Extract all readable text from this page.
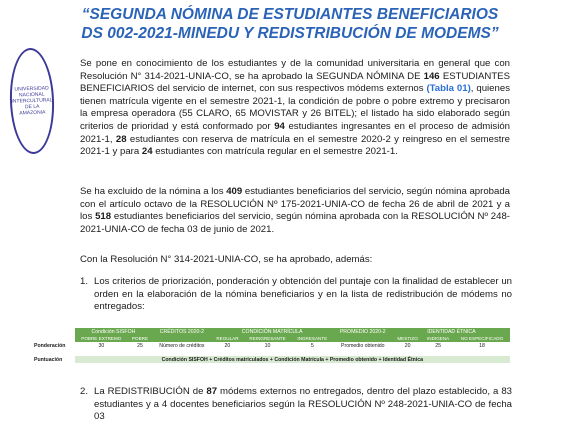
“SEGUNDA NÓMINA DE ESTUDIANTES BENEFICIARIOS
DS 002-2021-MINEDU Y REDISTRIBUCIÓN DE MODEMS”
UNIVERSIDAD
NACIONAL
INTERCULTURAL
DE LA
AMAZONIA
Se pone en conocimiento de los estudiantes y de la comunidad universitaria en general que con Resolución N° 314-2021-UNIA-CO, se ha aprobado la SEGUNDA NÓMINA DE 146 ESTUDIANTES BENEFICIARIOS del servicio de internet, con sus respectivos módems externos (Tabla 01), quienes tienen matrícula vigente en el semestre 2021-1, la condición de pobre o pobre extremo y precisaron la empresa operadora (55 CLARO, 65 MOVISTAR y 26 BITEL); el listado ha sido elaborado según criterios de prioridad y está conformado por 94 estudiantes ingresantes en el proceso de admisión 2021-1, 28 estudiantes con reserva de matrícula en el semestre 2020-2 y reingreso en el semestre 2021-1 y para 24 estudiantes con matrícula regular en el semestre 2021-1.
Se ha excluido de la nómina a los 409 estudiantes beneficiarios del servicio, según nómina aprobada con el artículo octavo de la RESOLUCIÓN Nº 175-2021-UNIA-CO de fecha 26 de abril de 2021 y a los 518 estudiantes beneficiarios del servicio, según nómina aprobada con la RESOLUCIÓN Nº 248-2021-UNIA-CO de fecha 03 de junio de 2021.
Con la Resolución N° 314-2021-UNIA-CO, se ha aprobado, además:
1. Los criterios de priorización, ponderación y obtención del puntaje con la finalidad de establecer un orden en la elaboración de la nómina beneficiarios y en la lista de redistribución de módems no entregados:
	Condición SISFOH		CRÉDITOS 2020-2	CONDICIÓN MATRÍCULA			PROMEDIO 2020-2	IDENTIDAD ÉTNICA		
	POBRE EXTREMO	POBRE		REGULAR	REINGRESANTE	INGRESANTE		MESTIZO	INDIGENA	NO ESPECIFICADO
Ponderación	30	25	Número de créditos	20	10	5	Promedio obtenido	20	25	18

Puntuación	Condición SISFOH + Créditos matriculados + Condición Matrícula + Promedio obtenido + Identidad Étnica									
2. La REDISTRIBUCIÓN de 87 módems externos no entregados, dentro del plazo establecido, a 83 estudiantes y a 4 docentes beneficiarios según la RESOLUCIÓN Nº 248-2021-UNIA-CO de fecha 03
